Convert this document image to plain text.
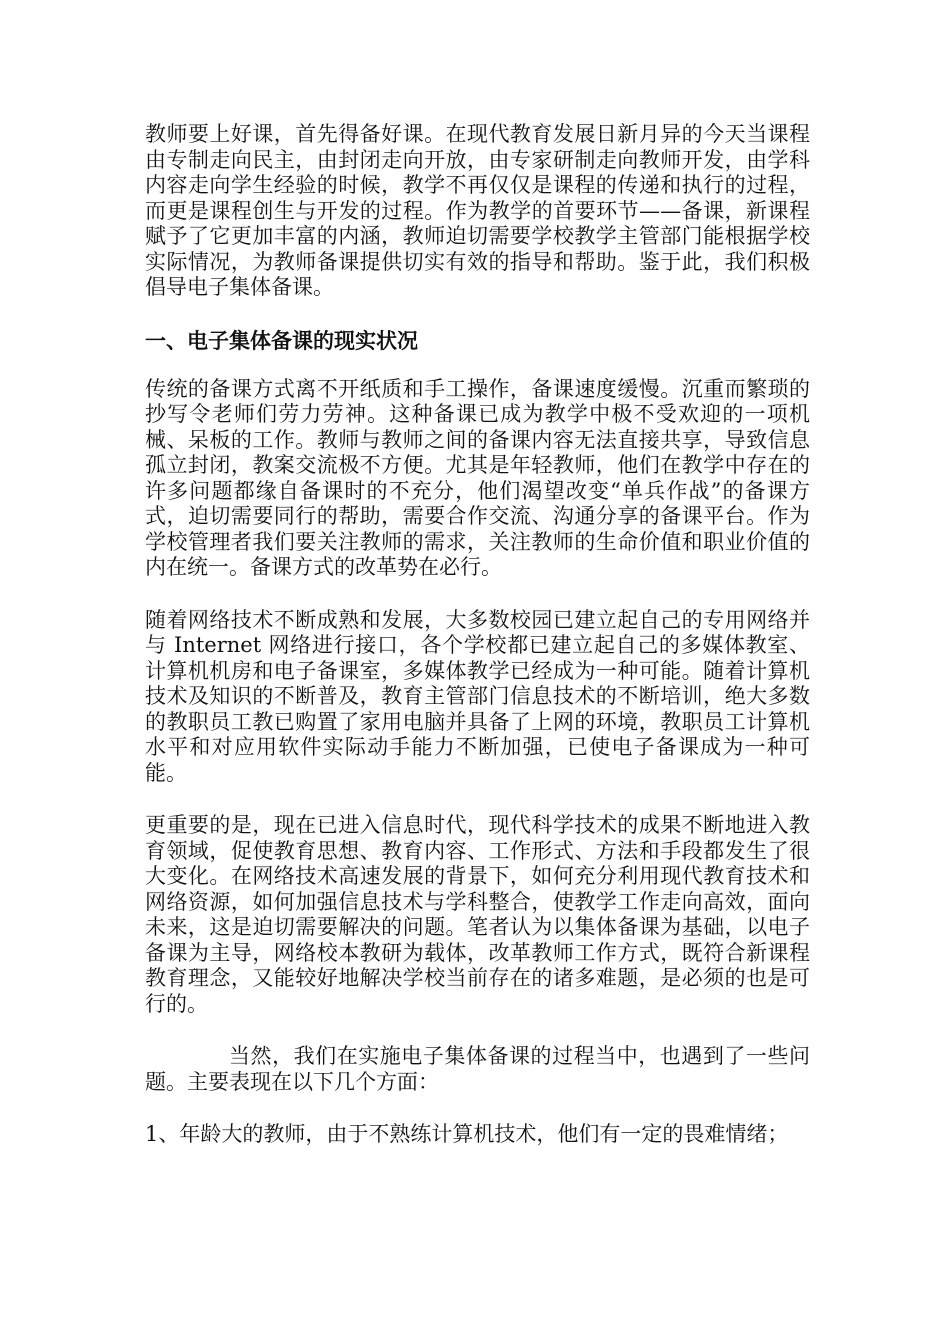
教师要上好课，首先得备好课。在现代教育发展日新月异的今天当课程由专制走向民主，由封闭走向开放，由专家研制走向教师开发，由学科内容走向学生经验的时候，教学不再仅仅是课程的传递和执行的过程，而更是课程创生与开发的过程。作为教学的首要环节——备课，新课程赋予了它更加丰富的内涵，教师迫切需要学校教学主管部门能根据学校实际情况，为教师备课提供切实有效的指导和帮助。鉴于此，我们积极倡导电子集体备课。

一、电子集体备课的现实状况

传统的备课方式离不开纸质和手工操作，备课速度缓慢。沉重而繁琐的抄写令老师们劳力劳神。这种备课已成为教学中极不受欢迎的一项机械、呆板的工作。教师与教师之间的备课内容无法直接共享，导致信息孤立封闭，教案交流极不方便。尤其是年轻教师，他们在教学中存在的许多问题都缘自备课时的不充分，他们渴望改变“单兵作战”的备课方式，迫切需要同行的帮助，需要合作交流、沟通分享的备课平台。作为学校管理者我们要关注教师的需求，关注教师的生命价值和职业价值的内在统一。备课方式的改革势在必行。

随着网络技术不断成熟和发展，大多数校园已建立起自己的专用网络并与 Internet 网络进行接口，各个学校都已建立起自己的多媒体教室、计算机机房和电子备课室，多媒体教学已经成为一种可能。随着计算机技术及知识的不断普及，教育主管部门信息技术的不断培训，绝大多数的教职员工教已购置了家用电脑并具备了上网的环境，教职员工计算机水平和对应用软件实际动手能力不断加强，已使电子备课成为一种可能。

更重要的是，现在已进入信息时代，现代科学技术的成果不断地进入教育领域，促使教育思想、教育内容、工作形式、方法和手段都发生了很大变化。在网络技术高速发展的背景下，如何充分利用现代教育技术和网络资源，如何加强信息技术与学科整合，使教学工作走向高效，面向未来，这是迫切需要解决的问题。笔者认为以集体备课为基础，以电子备课为主导，网络校本教研为载体，改革教师工作方式，既符合新课程教育理念，又能较好地解决学校当前存在的诸多难题，是必须的也是可行的。

当然，我们在实施电子集体备课的过程当中，也遇到了一些问题。主要表现在以下几个方面：

1、年龄大的教师，由于不熟练计算机技术，他们有一定的畏难情绪；
